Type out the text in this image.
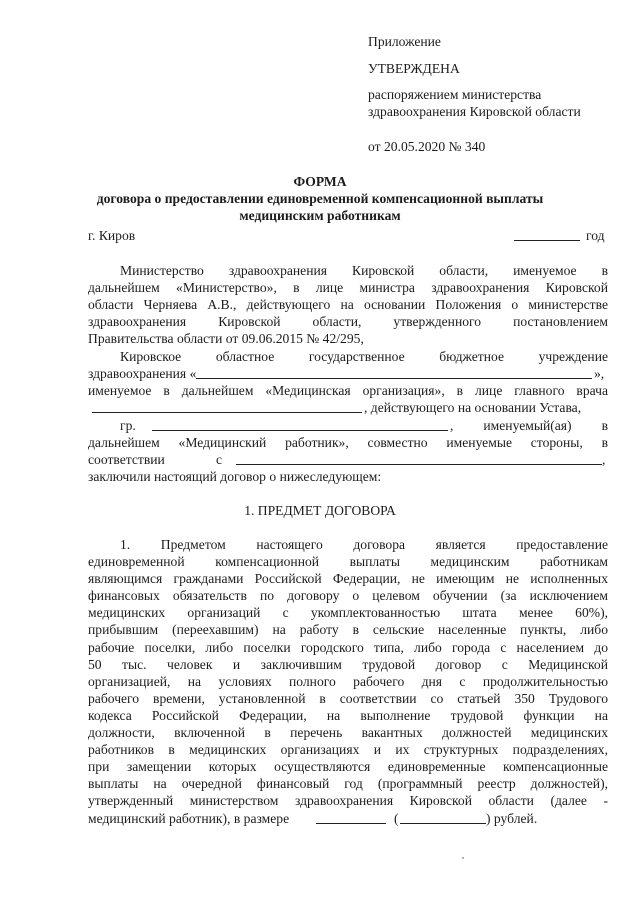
Приложение
УТВЕРЖДЕНА
распоряжением министерства
здравоохранения Кировской области
от 20.05.2020 № 340
ФОРМА
договора о предоставлении единовременной компенсационной выплаты
медицинским работникам
г. Киров	год
Министерство здравоохранения Кировской области, именуемое в
дальнейшем «Министерство», в лице министра здравоохранения Кировской
области Черняева А.В., действующего на основании Положения о министерстве
здравоохранения Кировской области, утвержденного постановлением
Правительства области от 09.06.2015 № 42/295,
Кировское областное государственное бюджетное учреждение
здравоохранения «	»,
именуемое в дальнейшем «Медицинская организация», в лице главного врача
, действующего на основании Устава,
гр.	, именуемый(ая) в
дальнейшем «Медицинский работник», совместно именуемые стороны, в
соответствии	с	,
заключили настоящий договор о нижеследующем:
1. ПРЕДМЕТ ДОГОВОРА
1. Предметом настоящего договора является предоставление
единовременной компенсационной выплаты медицинским работникам
являющимся гражданами Российской Федерации, не имеющим не исполненных
финансовых обязательств по договору о целевом обучении (за исключением
медицинских организаций с укомплектованностью штата менее 60%),
прибывшим (переехавшим) на работу в сельские населенные пункты, либо
рабочие поселки, либо поселки городского типа, либо города с населением до
50 тыс. человек и заключившим трудовой договор с Медицинской
организацией, на условиях полного рабочего дня с продолжительностью
рабочего времени, установленной в соответствии со статьей 350 Трудового
кодекса Российской Федерации, на выполнение трудовой функции на
должности, включенной в перечень вакантных должностей медицинских
работников в медицинских организациях и их структурных подразделениях,
при замещении которых осуществляются единовременные компенсационные
выплаты на очередной финансовый год (программный реестр должностей),
утвержденный министерством здравоохранения Кировской области (далее -
медицинский работник), в размере	(	) рублей.
